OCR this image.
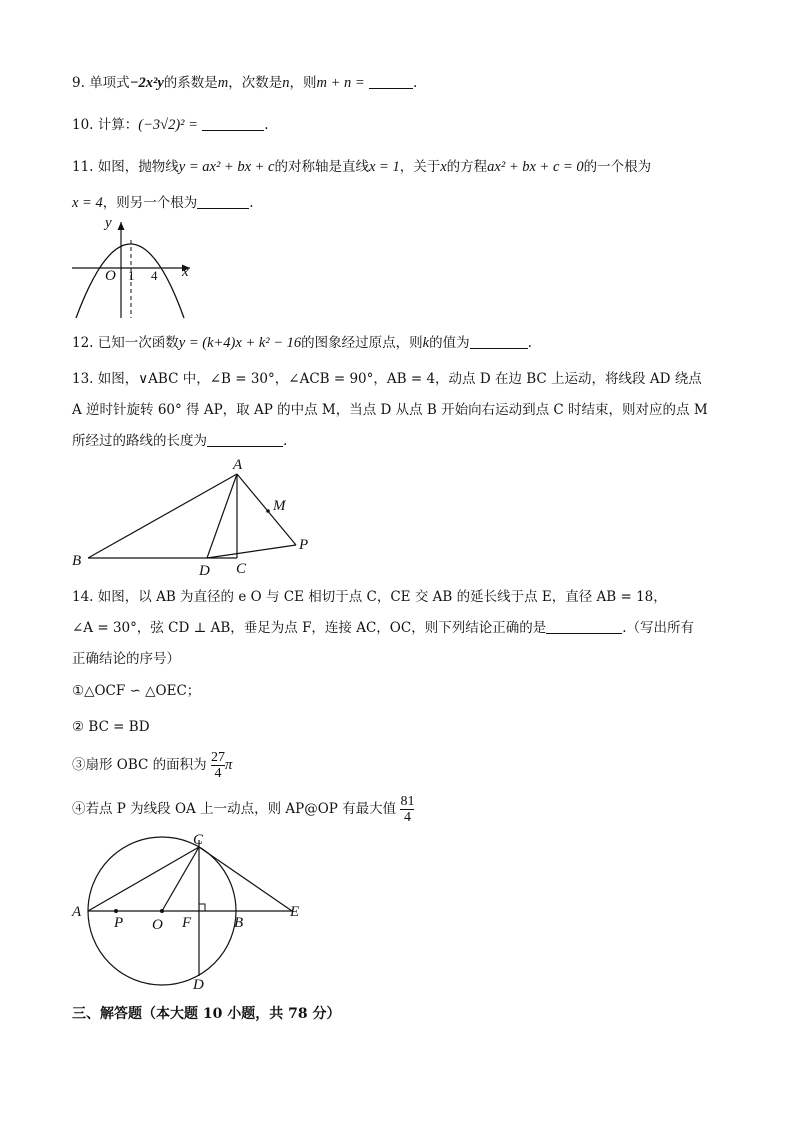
9. 单项式−2x²y的系数是m，次数是n，则m + n =	.
10. 计算：(−3√2)² =	.
11. 如图，抛物线y = ax² + bx + c的对称轴是直线x = 1，关于x的方程ax² + bx + c = 0的一个根为
x = 4，则另一个根为	.
y
x
O 1 4
12. 已知一次函数y = (k+4)x + k² − 16的图象经过原点，则k的值为	.
13. 如图，∨ABC 中，∠B = 30°，∠ACB = 90°，AB = 4，动点 D 在边 BC 上运动，将线段 AD 绕点
A 逆时针旋转 60° 得 AP，取 AP 的中点 M，当点 D 从点 B 开始向右运动到点 C 时结束，则对应的点 M
所经过的路线的长度为	.
A
B	C
D
M
P
14. 如图，以 AB 为直径的 e O 与 CE 相切于点 C，CE 交 AB 的延长线于点 E，直径 AB = 18，
∠A = 30°，弦 CD ⊥ AB，垂足为点 F，连接 AC，OC，则下列结论正确的是	.（写出所有
正确结论的序号）
①△OCF ∽ △OEC；
② BC = BD
③扇形 OBC 的面积为 $\frac{27}{4}$ π
④若点 P 为线段 OA 上一动点，则 AP@OP 有最大值 $\frac{81}{4}$
A
C
E
P O F	B
D
三、解答题（本大题 10 小题，共 78 分）
